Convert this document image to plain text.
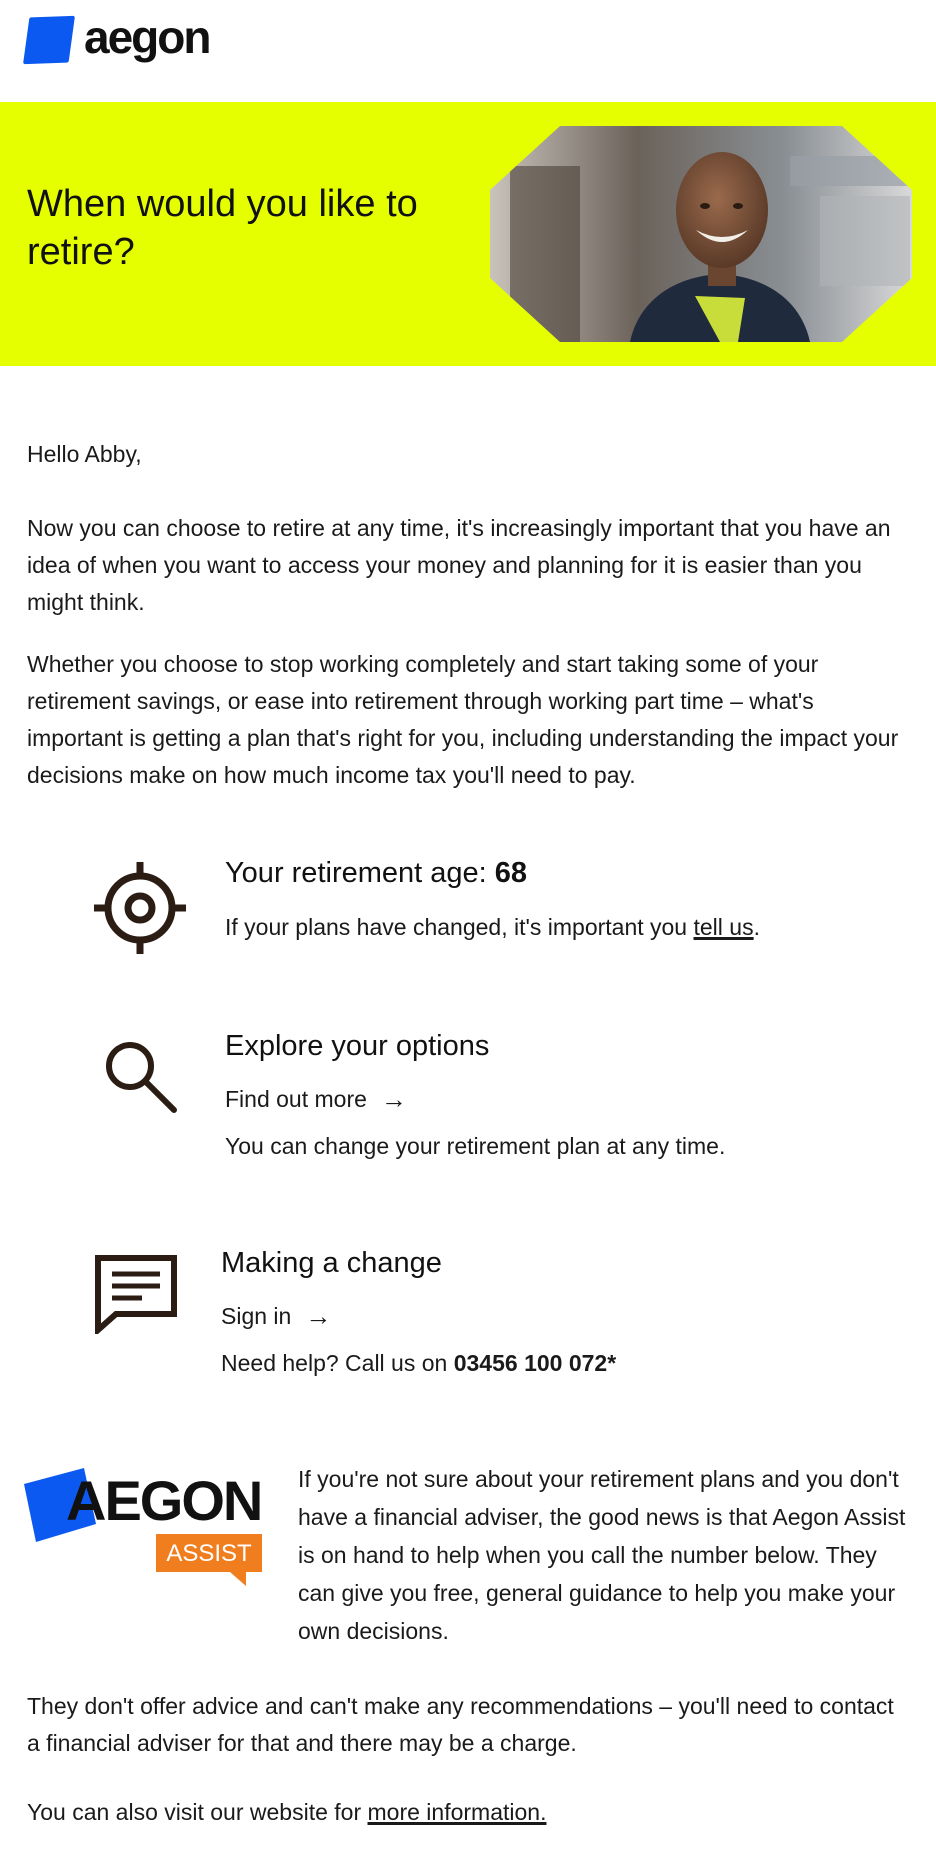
aegon
When would you like to retire?

Hello Abby,

Now you can choose to retire at any time, it's increasingly important that you have an idea of when you want to access your money and planning for it is easier than you might think.

Whether you choose to stop working completely and start taking some of your retirement savings, or ease into retirement through working part time – what's important is getting a plan that's right for you, including understanding the impact your decisions make on how much income tax you'll need to pay.

Your retirement age: 68
If your plans have changed, it's important you tell us.
Explore your options
Find out more →
You can change your retirement plan at any time.
Making a change
Sign in →
Need help? Call us on 03456 100 072*
AEGON
ASSIST

If you're not sure about your retirement plans and you don't have a financial adviser, the good news is that Aegon Assist is on hand to help when you call the number below. They can give you free, general guidance to help you make your own decisions.

They don't offer advice and can't make any recommendations – you'll need to contact a financial adviser for that and there may be a charge.

You can also visit our website for more information.
